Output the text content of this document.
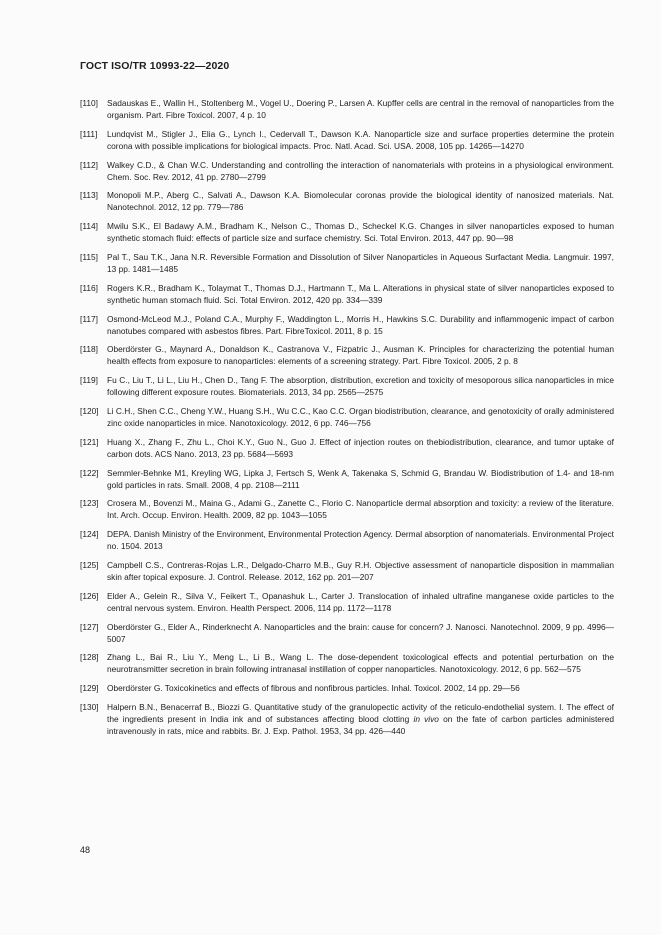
ГОСТ ISO/TR 10993-22—2020
[110] Sadauskas E., Wallin H., Stoltenberg M., Vogel U., Doering P., Larsen A. Kupffer cells are central in the removal of nanoparticles from the organism. Part. Fibre Toxicol. 2007, 4 p. 10
[111] Lundqvist M., Stigler J., Elia G., Lynch I., Cedervall T., Dawson K.A. Nanoparticle size and surface properties determine the protein corona with possible implications for biological impacts. Proc. Natl. Acad. Sci. USA. 2008, 105 pp. 14265—14270
[112] Walkey C.D., & Chan W.C. Understanding and controlling the interaction of nanomaterials with proteins in a physiological environment. Chem. Soc. Rev. 2012, 41 pp. 2780—2799
[113] Monopoli M.P., Aberg C., Salvati A., Dawson K.A. Biomolecular coronas provide the biological identity of nanosized materials. Nat. Nanotechnol. 2012, 12 pp. 779—786
[114] Mwilu S.K., El Badawy A.M., Bradham K., Nelson C., Thomas D., Scheckel K.G. Changes in silver nanoparticles exposed to human synthetic stomach fluid: effects of particle size and surface chemistry. Sci. Total Environ. 2013, 447 pp. 90—98
[115] Pal T., Sau T.K., Jana N.R. Reversible Formation and Dissolution of Silver Nanoparticles in Aqueous Surfactant Media. Langmuir. 1997, 13 pp. 1481—1485
[116] Rogers K.R., Bradham K., Tolaymat T., Thomas D.J., Hartmann T., Ma L. Alterations in physical state of silver nanoparticles exposed to synthetic human stomach fluid. Sci. Total Environ. 2012, 420 pp. 334—339
[117] Osmond-McLeod M.J., Poland C.A., Murphy F., Waddington L., Morris H., Hawkins S.C. Durability and inflammogenic impact of carbon nanotubes compared with asbestos fibres. Part. FibreToxicol. 2011, 8 p. 15
[118] Oberdörster G., Maynard A., Donaldson K., Castranova V., Fizpatric J., Ausman K. Principles for characterizing the potential human health effects from exposure to nanoparticles: elements of a screening strategy. Part. Fibre Toxicol. 2005, 2 p. 8
[119] Fu C., Liu T., Li L., Liu H., Chen D., Tang F. The absorption, distribution, excretion and toxicity of mesoporous silica nanoparticles in mice following different exposure routes. Biomaterials. 2013, 34 pp. 2565—2575
[120] Li C.H., Shen C.C., Cheng Y.W., Huang S.H., Wu C.C., Kao C.C. Organ biodistribution, clearance, and genotoxicity of orally administered zinc oxide nanoparticles in mice. Nanotoxicology. 2012, 6 pp. 746—756
[121] Huang X., Zhang F., Zhu L., Choi K.Y., Guo N., Guo J. Effect of injection routes on thebiodistribution, clearance, and tumor uptake of carbon dots. ACS Nano. 2013, 23 pp. 5684—5693
[122] Semmler-Behnke M1, Kreyling WG, Lipka J, Fertsch S, Wenk A, Takenaka S, Schmid G, Brandau W. Biodistribution of 1.4- and 18-nm gold particles in rats. Small. 2008, 4 pp. 2108—2111
[123] Crosera M., Bovenzi M., Maina G., Adami G., Zanette C., Florio C. Nanoparticle dermal absorption and toxicity: a review of the literature. Int. Arch. Occup. Environ. Health. 2009, 82 pp. 1043—1055
[124] DEPA. Danish Ministry of the Environment, Environmental Protection Agency. Dermal absorption of nanomaterials. Environmental Project no. 1504. 2013
[125] Campbell C.S., Contreras-Rojas L.R., Delgado-Charro M.B., Guy R.H. Objective assessment of nanoparticle disposition in mammalian skin after topical exposure. J. Control. Release. 2012, 162 pp. 201—207
[126] Elder A., Gelein R., Silva V., Feikert T., Opanashuk L., Carter J. Translocation of inhaled ultrafine manganese oxide particles to the central nervous system. Environ. Health Perspect. 2006, 114 pp. 1172—1178
[127] Oberdörster G., Elder A., Rinderknecht A. Nanoparticles and the brain: cause for concern? J. Nanosci. Nanotechnol. 2009, 9 pp. 4996—5007
[128] Zhang L., Bai R., Liu Y., Meng L., Li B., Wang L. The dose-dependent toxicological effects and potential perturbation on the neurotransmitter secretion in brain following intranasal instillation of copper nanoparticles. Nanotoxicology. 2012, 6 pp. 562—575
[129] Oberdörster G. Toxicokinetics and effects of fibrous and nonfibrous particles. Inhal. Toxicol. 2002, 14 pp. 29—56
[130] Halpern B.N., Benacerraf B., Biozzi G. Quantitative study of the granulopectic activity of the reticulo-endothelial system. I. The effect of the ingredients present in India ink and of substances affecting blood clotting in vivo on the fate of carbon particles administered intravenously in rats, mice and rabbits. Br. J. Exp. Pathol. 1953, 34 pp. 426—440
48
